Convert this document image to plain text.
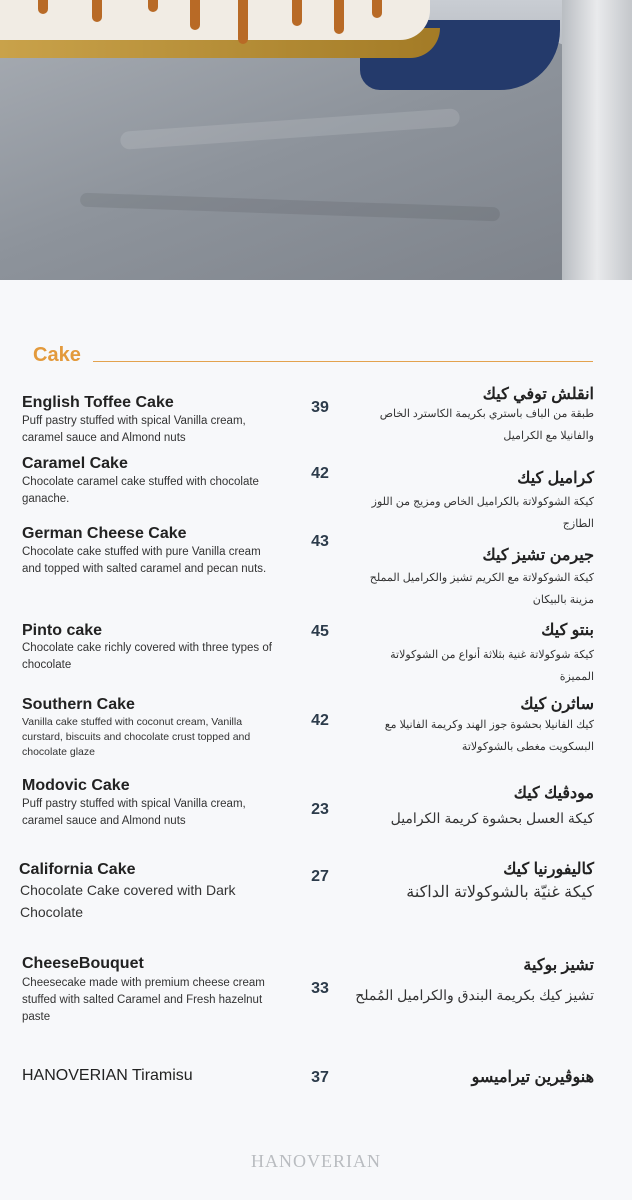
Cake
English Toffee Cake
Puff pastry stuffed with spical Vanilla cream, caramel sauce and Almond nuts
39
انقلش توفي كيك
طبقة من الباف باستري بكريمة الكاسترد الخاص والفانيلا مع الكراميل
Caramel Cake
Chocolate caramel cake stuffed with chocolate ganache.
42	كراميل كيك
كيكة الشوكولاتة بالكراميل الخاص ومزيج من اللوز الطازج
German Cheese Cake
Chocolate cake stuffed with pure Vanilla cream and topped with salted caramel and pecan nuts.
43
جيرمن تشيز كيك
كيكة الشوكولاتة مع الكريم تشيز والكراميل المملح مزينة بالبيكان
Pinto cake
Chocolate cake richly covered with three types of chocolate
45	بنتو كيك
كيكة شوكولاتة غنية بثلاثة أنواع من الشوكولاتة المميزة
Southern Cake
Vanilla cake stuffed with coconut cream, Vanilla curstard, biscuits and chocolate crust topped and chocolate glaze
42
ساثرن كيك
كيك الفانيلا بحشوة جوز الهند وكريمة الفانيلا مع البسكويت مغطى بالشوكولاتة
Modovic Cake
Puff pastry stuffed with spical Vanilla cream, caramel sauce and Almond nuts
23
مودڤيك كيك
كيكة العسل بحشوة كريمة الكراميل
California Cake
Chocolate Cake covered with Dark Chocolate
27	كاليفورنيا كيك
كيكة غنيّة بالشوكولاتة الداكنة
CheeseBouquet
Cheesecake made with premium cheese cream stuffed with salted Caramel and Fresh hazelnut paste
33
تشيز بوكية
تشيز كيك بكريمة البندق والكراميل المُملح
HANOVERIAN Tiramisu	37	هنوڤيرين تيراميسو
HANOVERIAN
